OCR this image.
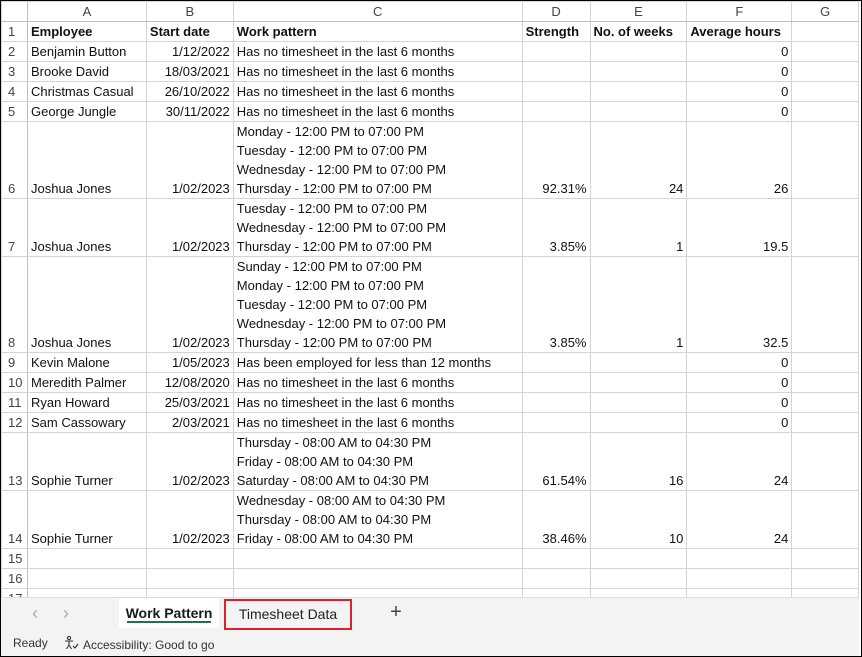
	A	B	C	D	E	F	G
1	Employee	Start date	Work pattern	Strength	No. of weeks	Average hours	
2	Benjamin Button	1/12/2022	Has no timesheet in the last 6 months			0	
3	Brooke David	18/03/2021	Has no timesheet in the last 6 months			0	
4	Christmas Casual	26/10/2022	Has no timesheet in the last 6 months			0	
5	George Jungle	30/11/2022	Has no timesheet in the last 6 months			0	
6	Joshua Jones	1/02/2023	Monday - 12:00 PM to 07:00 PM
Tuesday - 12:00 PM to 07:00 PM
Wednesday - 12:00 PM to 07:00 PM
Thursday - 12:00 PM to 07:00 PM	92.31%	24	26	
7	Joshua Jones	1/02/2023	Tuesday - 12:00 PM to 07:00 PM
Wednesday - 12:00 PM to 07:00 PM
Thursday - 12:00 PM to 07:00 PM	3.85%	1	19.5	
8	Joshua Jones	1/02/2023	Sunday - 12:00 PM to 07:00 PM
Monday - 12:00 PM to 07:00 PM
Tuesday - 12:00 PM to 07:00 PM
Wednesday - 12:00 PM to 07:00 PM
Thursday - 12:00 PM to 07:00 PM	3.85%	1	32.5	
9	Kevin Malone	1/05/2023	Has been employed for less than 12 months			0	
10	Meredith Palmer	12/08/2020	Has no timesheet in the last 6 months			0	
11	Ryan Howard	25/03/2021	Has no timesheet in the last 6 months			0	
12	Sam Cassowary	2/03/2021	Has no timesheet in the last 6 months			0	
13	Sophie Turner	1/02/2023	Thursday - 08:00 AM to 04:30 PM
Friday - 08:00 AM to 04:30 PM
Saturday - 08:00 AM to 04:30 PM	61.54%	16	24	
14	Sophie Turner	1/02/2023	Wednesday - 08:00 AM to 04:30 PM
Thursday - 08:00 AM to 04:30 PM
Friday - 08:00 AM to 04:30 PM	38.46%	10	24	
15							
16							

‹	›	Work Pattern	Timesheet Data	+
Ready	Accessibility: Good to go
